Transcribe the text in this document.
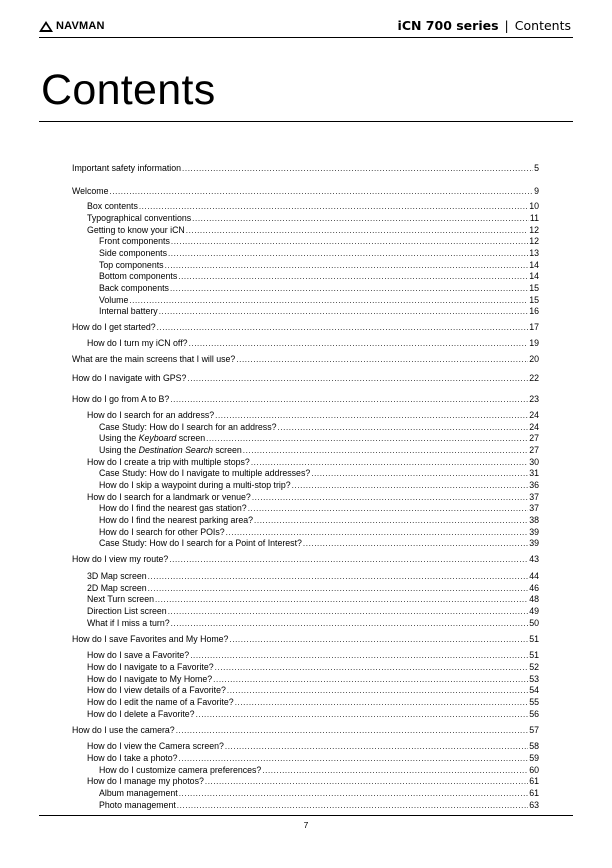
NAVMAN	iCN 700 series | Contents
Contents
Important safety information .....	5
Welcome .....	9
Box contents .....	10
Typographical conventions .....	11
Getting to know your iCN .....	12
Front components .....	12
Side components .....	13
Top components .....	14
Bottom components .....	14
Back components .....	15
Volume .....	15
Internal battery .....	16
How do I get started? .....	17
How do I turn my iCN off? .....	19
What are the main screens that I will use? .....	20
How do I navigate with GPS? .....	22
How do I go from A to B? .....	23
How do I search for an address? .....	24
Case Study: How do I search for an address? .....	24
Using the Keyboard screen .....	27
Using the Destination Search screen .....	27
How do I create a trip with multiple stops? .....	30
Case Study: How do I navigate to multiple addresses? .....	31
How do I skip a waypoint during a multi-stop trip? .....	36
How do I search for a landmark or venue? .....	37
How do I find the nearest gas station? .....	37
How do I find the nearest parking area? .....	38
How do I search for other POIs? .....	39
Case Study: How do I search for a Point of Interest? .....	39
How do I view my route? .....	43
3D Map screen .....	44
2D Map screen .....	46
Next Turn screen .....	48
Direction List screen .....	49
What if I miss a turn? .....	50
How do I save Favorites and My Home? .....	51
How do I save a Favorite? .....	51
How do I navigate to a Favorite? .....	52
How do I navigate to My Home? .....	53
How do I view details of a Favorite? .....	54
How do I edit the name of a Favorite? .....	55
How do I delete a Favorite? .....	56
How do I use the camera? .....	57
How do I view the Camera screen? .....	58
How do I take a photo? .....	59
How do I customize camera preferences? .....	60
How do I manage my photos? .....	61
Album management .....	61
Photo management .....	63
7
